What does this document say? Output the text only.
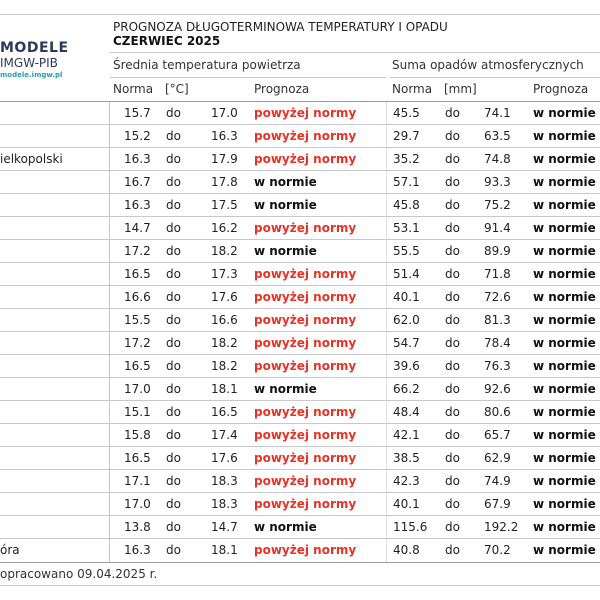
MODELE
IMGW-PIB
modele.imgw.pl
PROGNOZA DŁUGOTERMINOWA TEMPERATURY I OPADU
CZERWIEC 2025
Średnia temperatura powietrza	Suma opadów atmosferycznych
Norma [°C]	Prognoza	Norma [mm]	Prognoza
15.7 do	17.0 powyżej normy	45.5 do 74.1 w normie
15.2 do	16.3 powyżej normy	29.7 do 63.5 w normie
ielkopolski	16.3 do	17.9 powyżej normy	35.2 do 74.8 w normie
16.7 do	17.8 w normie	57.1 do 93.3 w normie
16.3 do	17.5 w normie	45.8 do 75.2 w normie
14.7 do	16.2 powyżej normy	53.1 do 91.4 w normie
17.2 do	18.2 w normie	55.5 do 89.9 w normie
16.5 do	17.3 powyżej normy	51.4 do 71.8 w normie
16.6 do	17.6 powyżej normy	40.1 do 72.6 w normie
15.5 do	16.6 powyżej normy	62.0 do 81.3 w normie
17.2 do	18.2 powyżej normy	54.7 do 78.4 w normie
16.5 do	18.2 powyżej normy	39.6 do 76.3 w normie
17.0 do	18.1 w normie	66.2 do 92.6 w normie
15.1 do	16.5 powyżej normy	48.4 do 80.6 w normie
15.8 do	17.4 powyżej normy	42.1 do 65.7 w normie
16.5 do	17.6 powyżej normy	38.5 do 62.9 w normie
17.1 do	18.3 powyżej normy	42.3 do 74.9 w normie
17.0 do	18.3 powyżej normy	40.1 do 67.9 w normie
13.8 do	14.7 w normie	115.6 do 192.2 w normie
óra	16.3 do	18.1 powyżej normy	40.8 do 70.2 w normie
opracowano 09.04.2025 r.
